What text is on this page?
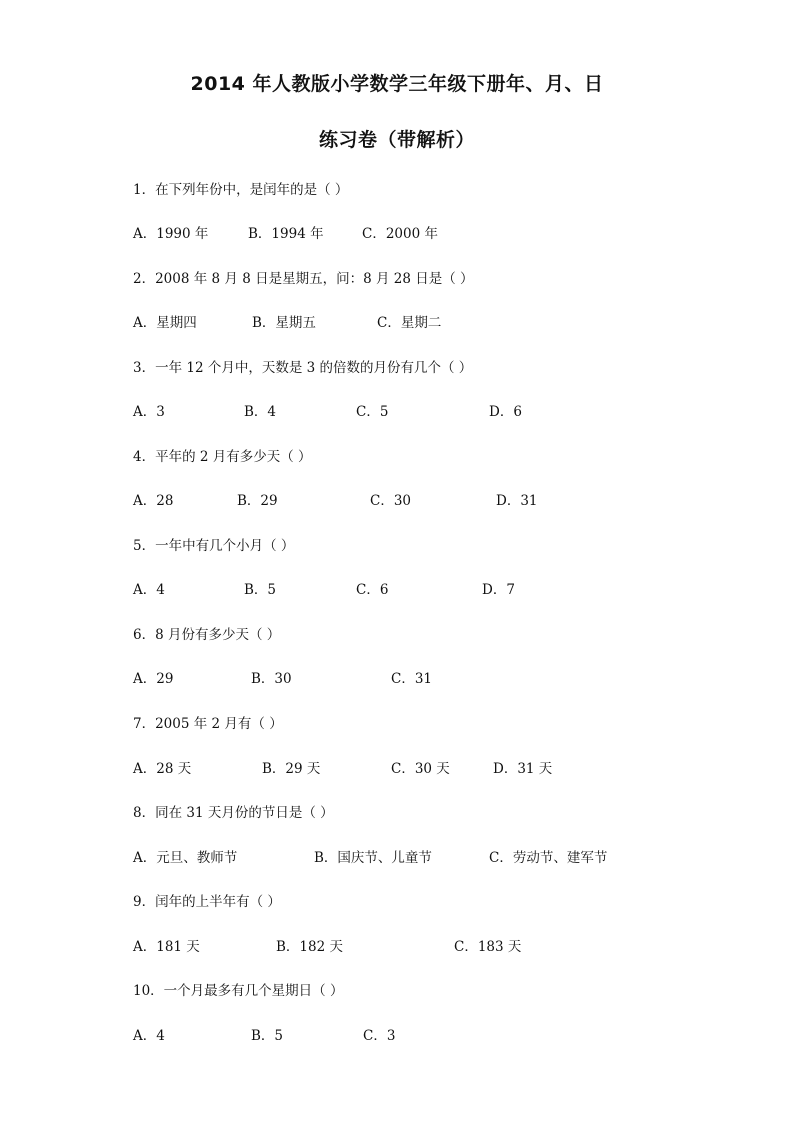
2014 年人教版小学数学三年级下册年、月、日
练习卷（带解析）
1．在下列年份中，是闰年的是（ ）
A．1990 年	B．1994 年	C．2000 年
2．2008 年 8 月 8 日是星期五，问：8 月 28 日是（ ）
A．星期四	B．星期五	C．星期二
3．一年 12 个月中，天数是 3 的倍数的月份有几个（ ）
A．3	B．4	C．5	D．6
4．平年的 2 月有多少天（ ）
A．28	B．29	C．30	D．31
5．一年中有几个小月（ ）
A．4	B．5	C．6	D．7
6．8 月份有多少天（ ）
A．29	B．30	C．31
7．2005 年 2 月有（ ）
A．28 天	B．29 天	C．30 天	D．31 天
8．同在 31 天月份的节日是（ ）
A．元旦、教师节	B．国庆节、儿童节	C．劳动节、建军节
9．闰年的上半年有（ ）
A．181 天	B．182 天	C．183 天
10．一个月最多有几个星期日（ ）
A．4	B．5	C．3
